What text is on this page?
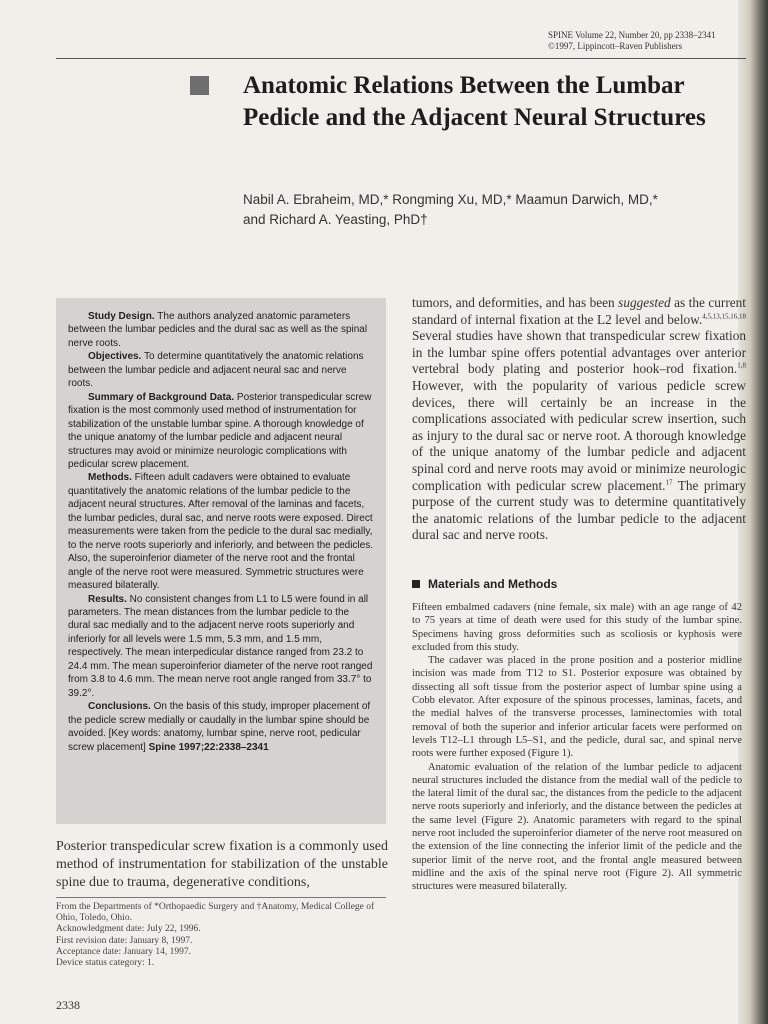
SPINE Volume 22, Number 20, pp 2338–2341
©1997, Lippincott–Raven Publishers
Anatomic Relations Between the Lumbar Pedicle and the Adjacent Neural Structures
Nabil A. Ebraheim, MD,* Rongming Xu, MD,* Maamun Darwich, MD,*
and Richard A. Yeasting, PhD†

Study Design. The authors analyzed anatomic parameters between the lumbar pedicles and the dural sac as well as the spinal nerve roots.

Objectives. To determine quantitatively the anatomic relations between the lumbar pedicle and adjacent neural sac and nerve roots.

Summary of Background Data. Posterior transpedicular screw fixation is the most commonly used method of instrumentation for stabilization of the unstable lumbar spine. A thorough knowledge of the unique anatomy of the lumbar pedicle and adjacent neural structures may avoid or minimize neurologic complications with pedicular screw placement.

Methods. Fifteen adult cadavers were obtained to evaluate quantitatively the anatomic relations of the lumbar pedicle to the adjacent neural structures. After removal of the laminas and facets, the lumbar pedicles, dural sac, and nerve roots were exposed. Direct measurements were taken from the pedicle to the dural sac medially, to the nerve roots superiorly and inferiorly, and between the pedicles. Also, the superoinferior diameter of the nerve root and the frontal angle of the nerve root were measured. Symmetric structures were measured bilaterally.

Results. No consistent changes from L1 to L5 were found in all parameters. The mean distances from the lumbar pedicle to the dural sac medially and to the adjacent nerve roots superiorly and inferiorly for all levels were 1.5 mm, 5.3 mm, and 1.5 mm, respectively. The mean interpedicular distance ranged from 23.2 to 24.4 mm. The mean superoinferior diameter of the nerve root ranged from 3.8 to 4.6 mm. The mean nerve root angle ranged from 33.7° to 39.2°.

Conclusions. On the basis of this study, improper placement of the pedicle screw medially or caudally in the lumbar spine should be avoided. [Key words: anatomy, lumbar spine, nerve root, pedicular screw placement] Spine 1997;22:2338–2341

Posterior transpedicular screw fixation is a commonly used method of instrumentation for stabilization of the unstable spine due to trauma, degenerative conditions,
From the Departments of *Orthopaedic Surgery and †Anatomy, Medical College of Ohio, Toledo, Ohio.
Acknowledgment date: July 22, 1996.
First revision date: January 8, 1997.
Acceptance date: January 14, 1997.
Device status category: 1.
2338

tumors, and deformities, and has been suggested as the current standard of internal fixation at the L2 level and below.$^{4,5,13,15,16,18}$ Several studies have shown that transpedicular screw fixation in the lumbar spine offers potential advantages over anterior vertebral body plating and posterior hook–rod fixation.$^{1,8}$ However, with the popularity of various pedicle screw devices, there will certainly be an increase in the complications associated with pedicular screw insertion, such as injury to the dural sac or nerve root. A thorough knowledge of the unique anatomy of the lumbar pedicle and adjacent spinal cord and nerve roots may avoid or minimize neurologic complication with pedicular screw placement.$^{17}$ The primary purpose of the current study was to determine quantitatively the anatomic relations of the lumbar pedicle to the adjacent dural sac and nerve roots.

Materials and Methods

Fifteen embalmed cadavers (nine female, six male) with an age range of 42 to 75 years at time of death were used for this study of the lumbar spine. Specimens having gross deformities such as scoliosis or kyphosis were excluded from this study.

The cadaver was placed in the prone position and a posterior midline incision was made from T12 to S1. Posterior exposure was obtained by dissecting all soft tissue from the posterior aspect of lumbar spine using a Cobb elevator. After exposure of the spinous processes, laminas, facets, and the medial halves of the transverse processes, laminectomies with total removal of both the superior and inferior articular facets were performed on levels T12–L1 through L5–S1, and the pedicle, dural sac, and spinal nerve roots were further exposed (Figure 1).

Anatomic evaluation of the relation of the lumbar pedicle to adjacent neural structures included the distance from the medial wall of the pedicle to the lateral limit of the dural sac, the distances from the pedicle to the adjacent nerve roots superiorly and inferiorly, and the distance between the pedicles at the same level (Figure 2). Anatomic parameters with regard to the spinal nerve root included the superoinferior diameter of the nerve root measured on the extension of the line connecting the inferior limit of the pedicle and the superior limit of the nerve root, and the frontal angle measured between midline and the axis of the spinal nerve root (Figure 2). All symmetric structures were measured bilaterally.
